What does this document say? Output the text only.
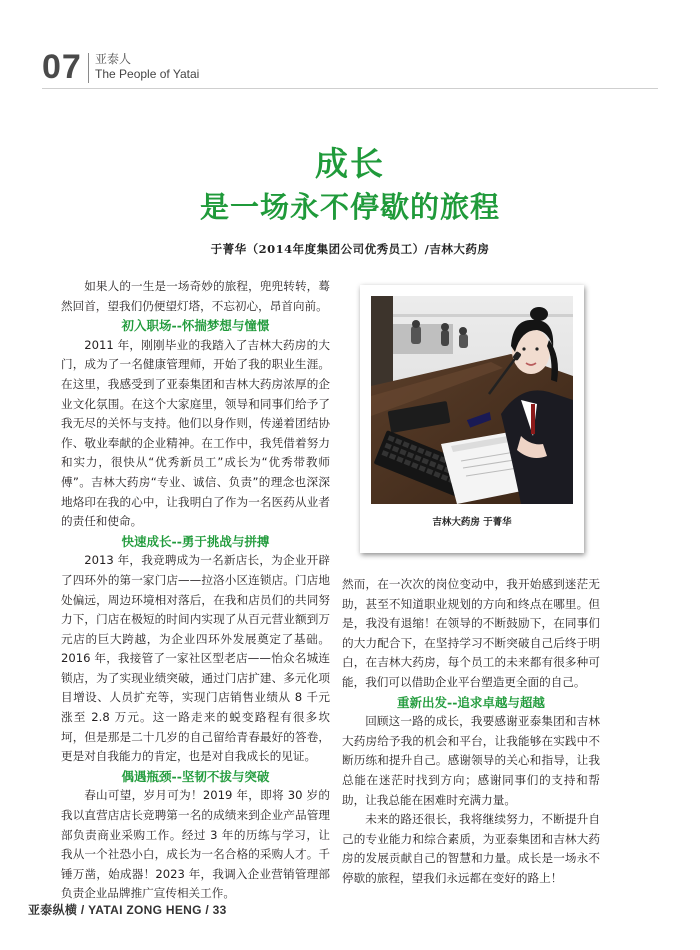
07 亚泰人
The People of Yatai
成长
是一场永不停歇的旅程
于菁华（2014年度集团公司优秀员工）/吉林大药房

如果人的一生是一场奇妙的旅程，兜兜转转，蓦然回首，望我们仍便望灯塔，不忘初心，昂首向前。

初入职场--怀揣梦想与憧憬

2011 年，刚刚毕业的我踏入了吉林大药房的大门，成为了一名健康管理师，开始了我的职业生涯。在这里，我感受到了亚泰集团和吉林大药房浓厚的企业文化氛围。在这个大家庭里，领导和同事们给予了我无尽的关怀与支持。他们以身作则，传递着团结协作、敬业奉献的企业精神。在工作中，我凭借着努力和实力，很快从“优秀新员工”成长为“优秀带教师傅”。吉林大药房“专业、诚信、负责”的理念也深深地烙印在我的心中，让我明白了作为一名医药从业者的责任和使命。

快速成长--勇于挑战与拼搏

2013 年，我竞聘成为一名新店长，为企业开辟了四环外的第一家门店——拉洛小区连锁店。门店地处偏远，周边环境相对落后，在我和店员们的共同努力下，门店在极短的时间内实现了从百元营业额到万元店的巨大跨越，为企业四环外发展奠定了基础。2016 年，我接管了一家社区型老店——怡众名城连锁店，为了实现业绩突破，通过门店扩建、多元化项目增设、人员扩充等，实现门店销售业绩从 8 千元涨至 2.8 万元。这一路走来的蜕变路程有很多坎坷，但是那是二十几岁的自己留给青春最好的答卷，更是对自我能力的肯定，也是对自我成长的见证。

偶遇瓶颈--坚韧不拔与突破

春山可望，岁月可为！2019 年，即将 30 岁的我以直营店店长竞聘第一名的成绩来到企业产品管理部负责商业采购工作。经过 3 年的历练与学习，让我从一个社恐小白，成长为一名合格的采购人才。千锤万凿，始成器！2023 年，我调入企业营销管理部负责企业品牌推广宣传相关工作。

吉林大药房 于菁华

然而，在一次次的岗位变动中，我开始感到迷茫无助，甚至不知道职业规划的方向和终点在哪里。但是，我没有退缩！在领导的不断鼓励下，在同事们的大力配合下，在坚持学习不断突破自己后终于明白，在吉林大药房，每个员工的未来都有很多种可能，我们可以借助企业平台塑造更全面的自己。

重新出发--追求卓越与超越

回顾这一路的成长，我要感谢亚泰集团和吉林大药房给予我的机会和平台，让我能够在实践中不断历练和提升自己。感谢领导的关心和指导，让我总能在迷茫时找到方向；感谢同事们的支持和帮助，让我总能在困难时充满力量。

未来的路还很长，我将继续努力，不断提升自己的专业能力和综合素质，为亚泰集团和吉林大药房的发展贡献自己的智慧和力量。成长是一场永不停歇的旅程，望我们永远都在变好的路上！

亚泰纵横 / YATAI ZONG HENG / 33
